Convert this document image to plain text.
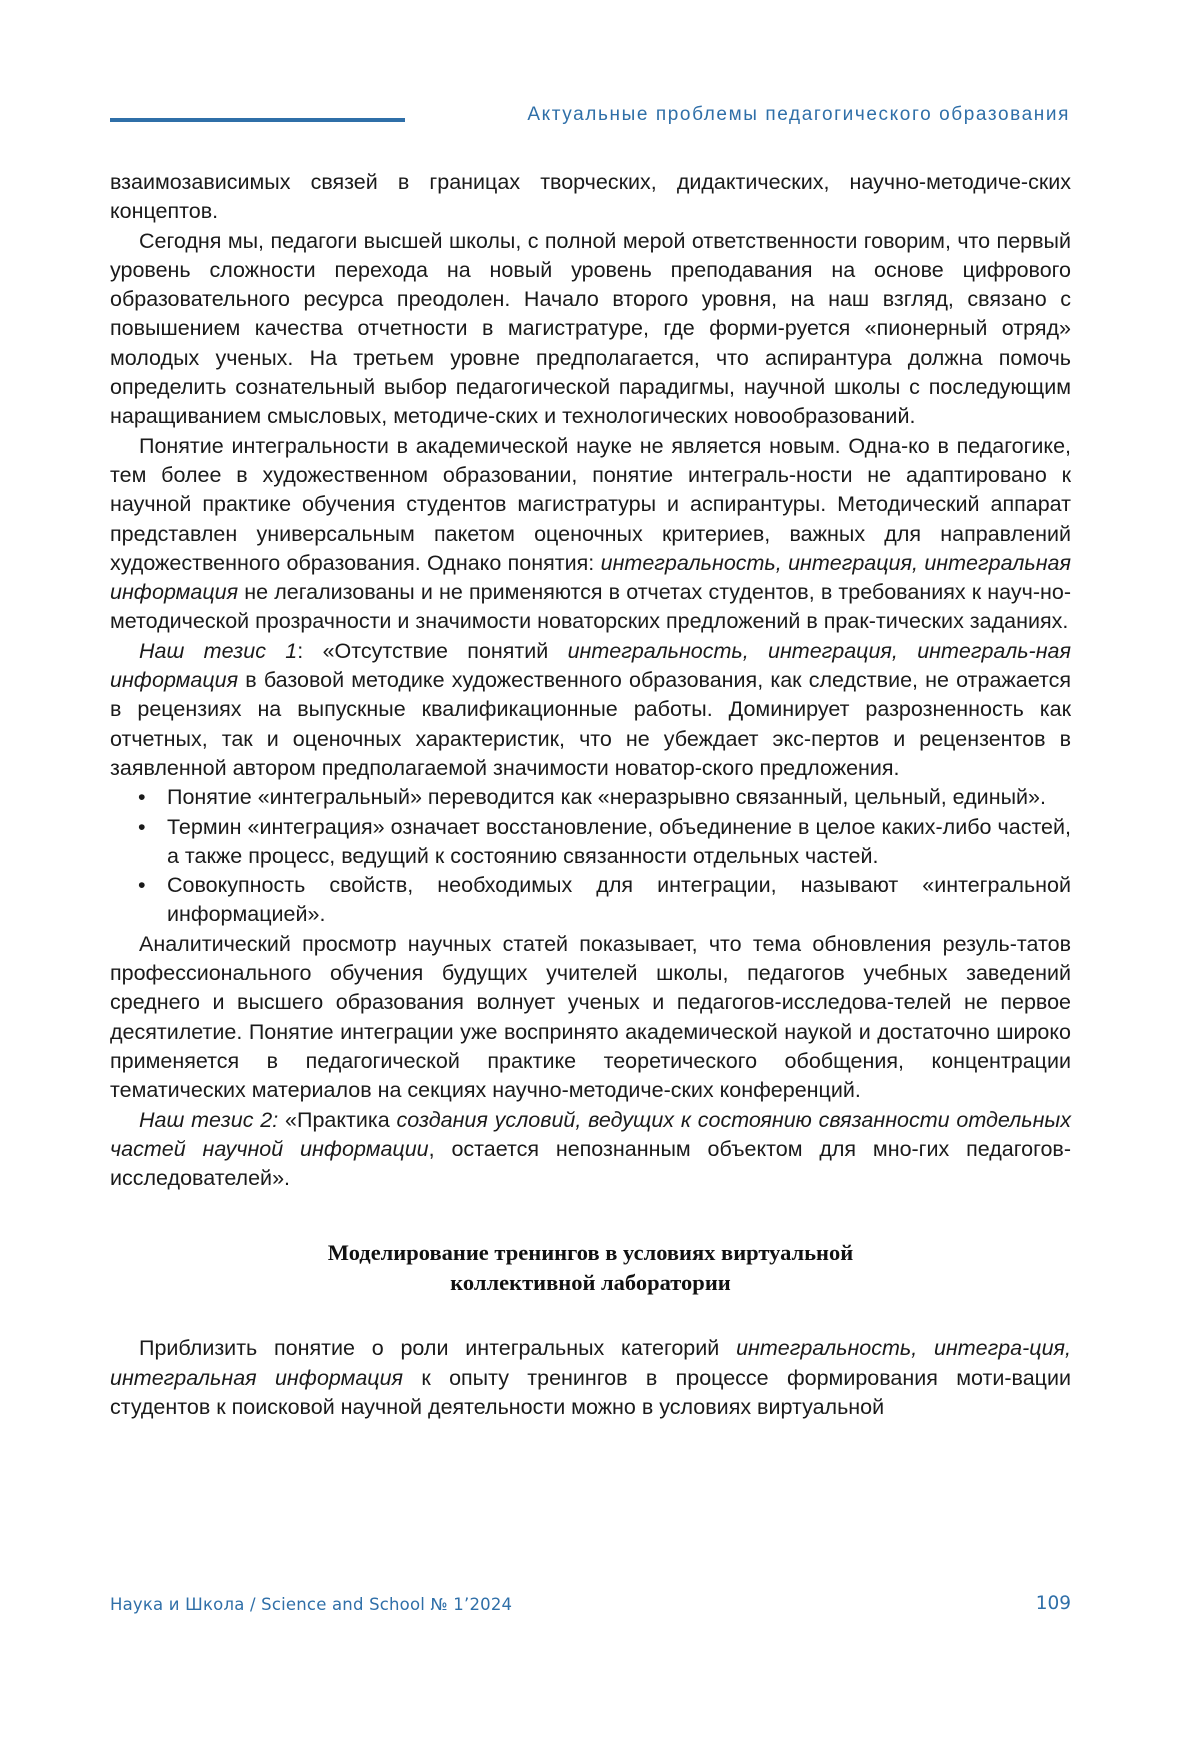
Актуальные проблемы педагогического образования

взаимозависимых связей в границах творческих, дидактических, научно-методиче-ских концептов.

Сегодня мы, педагоги высшей школы, с полной мерой ответственности говорим, что первый уровень сложности перехода на новый уровень преподавания на основе цифрового образовательного ресурса преодолен. Начало второго уровня, на наш взгляд, связано с повышением качества отчетности в магистратуре, где форми-руется «пионерный отряд» молодых ученых. На третьем уровне предполагается, что аспирантура должна помочь определить сознательный выбор педагогической парадигмы, научной школы с последующим наращиванием смысловых, методиче-ских и технологических новообразований.

Понятие интегральности в академической науке не является новым. Одна-ко в педагогике, тем более в художественном образовании, понятие интеграль-ности не адаптировано к научной практике обучения студентов магистратуры и аспирантуры. Методический аппарат представлен универсальным пакетом оценочных критериев, важных для направлений художественного образования. Однако понятия: интегральность, интеграция, интегральная информация не легализованы и не применяются в отчетах студентов, в требованиях к науч-но-методической прозрачности и значимости новаторских предложений в прак-тических заданиях.

Наш тезис 1: «Отсутствие понятий интегральность, интеграция, интеграль-ная информация в базовой методике художественного образования, как следствие, не отражается в рецензиях на выпускные квалификационные работы. Доминирует разрозненность как отчетных, так и оценочных характеристик, что не убеждает экс-пертов и рецензентов в заявленной автором предполагаемой значимости новатор-ского предложения.

• Понятие «интегральный» переводится как «неразрывно связанный, цельный, единый».
• Термин «интеграция» означает восстановление, объединение в целое каких-либо частей, а также процесс, ведущий к состоянию связанности отдельных частей.
• Совокупность свойств, необходимых для интеграции, называют «интегральной информацией».

Аналитический просмотр научных статей показывает, что тема обновления резуль-татов профессионального обучения будущих учителей школы, педагогов учебных заведений среднего и высшего образования волнует ученых и педагогов-исследова-телей не первое десятилетие. Понятие интеграции уже воспринято академической наукой и достаточно широко применяется в педагогической практике теоретического обобщения, концентрации тематических материалов на секциях научно-методиче-ских конференций.

Наш тезис 2: «Практика создания условий, ведущих к состоянию связанности отдельных частей научной информации, остается непознанным объектом для мно-гих педагогов-исследователей».

Моделирование тренингов в условиях виртуальной
коллективной лаборатории

Приблизить понятие о роли интегральных категорий интегральность, интегра-ция, интегральная информация к опыту тренингов в процессе формирования моти-вации студентов к поисковой научной деятельности можно в условиях виртуальной

Наука и Школа / Science and School № 1’2024	109
